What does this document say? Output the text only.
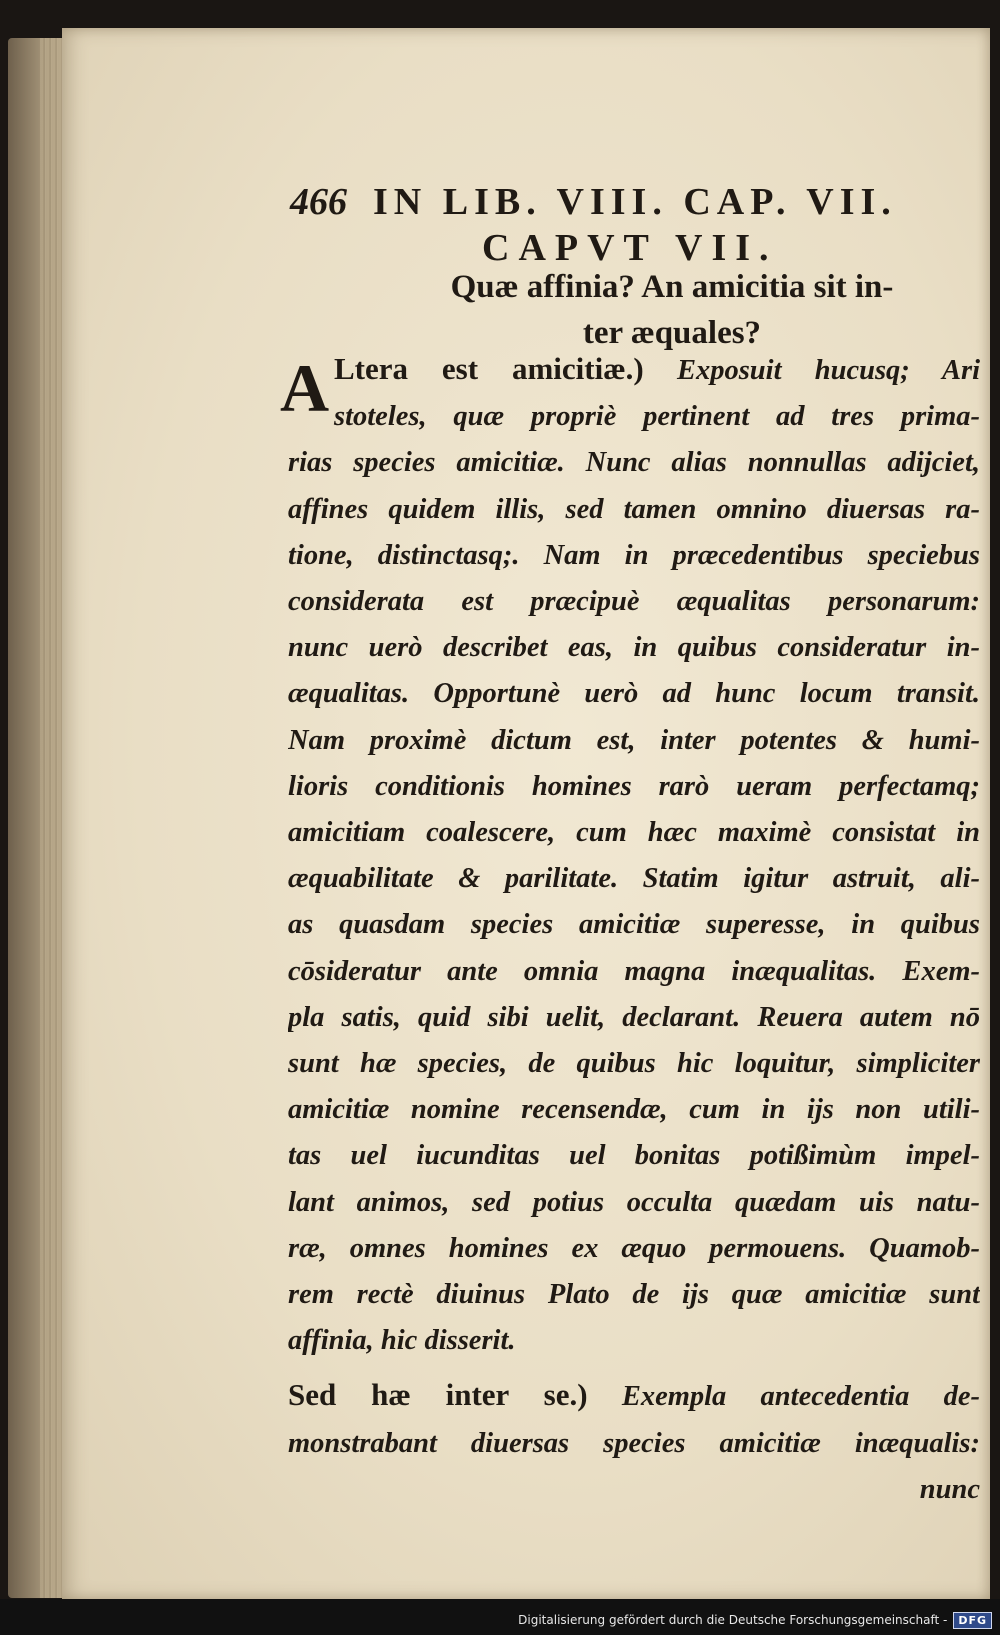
466 IN LIB. VIII. CAP. VII.
CAPVT VII.
Quæ affinia? An amicitia sit in-
ter æquales?
A Ltera est amicitiæ.) Exposuit hucusq; Ari
stoteles, quæ propriè pertinent ad tres prima-
rias species amicitiæ. Nunc alias nonnullas adijciet,
affines quidem illis, sed tamen omnino diuersas ra-
tione, distinctasq;. Nam in præcedentibus speciebus
considerata est præcipuè æqualitas personarum:
nunc uerò describet eas, in quibus consideratur in-
æqualitas. Opportunè uerò ad hunc locum transit.
Nam proximè dictum est, inter potentes & humi-
lioris conditionis homines rarò ueram perfectamq;
amicitiam coalescere, cum hæc maximè consistat in
æquabilitate & parilitate. Statim igitur astruit, ali-
as quasdam species amicitiæ superesse, in quibus
cōsideratur ante omnia magna inæqualitas. Exem-
pla satis, quid sibi uelit, declarant. Reuera autem nō
sunt hæ species, de quibus hic loquitur, simpliciter
amicitiæ nomine recensendæ, cum in ijs non utili-
tas uel iucunditas uel bonitas potißimùm impel-
lant animos, sed potius occulta quædam uis natu-
ræ, omnes homines ex æquo permouens. Quamob-
rem rectè diuinus Plato de ijs quæ amicitiæ sunt
affinia, hic disserit.
Sed hæ inter se.) Exempla antecedentia de-
monstrabant diuersas species amicitiæ inæqualis:
nunc
Digitalisierung gefördert durch die Deutsche Forschungsgemeinschaft -	DFG
